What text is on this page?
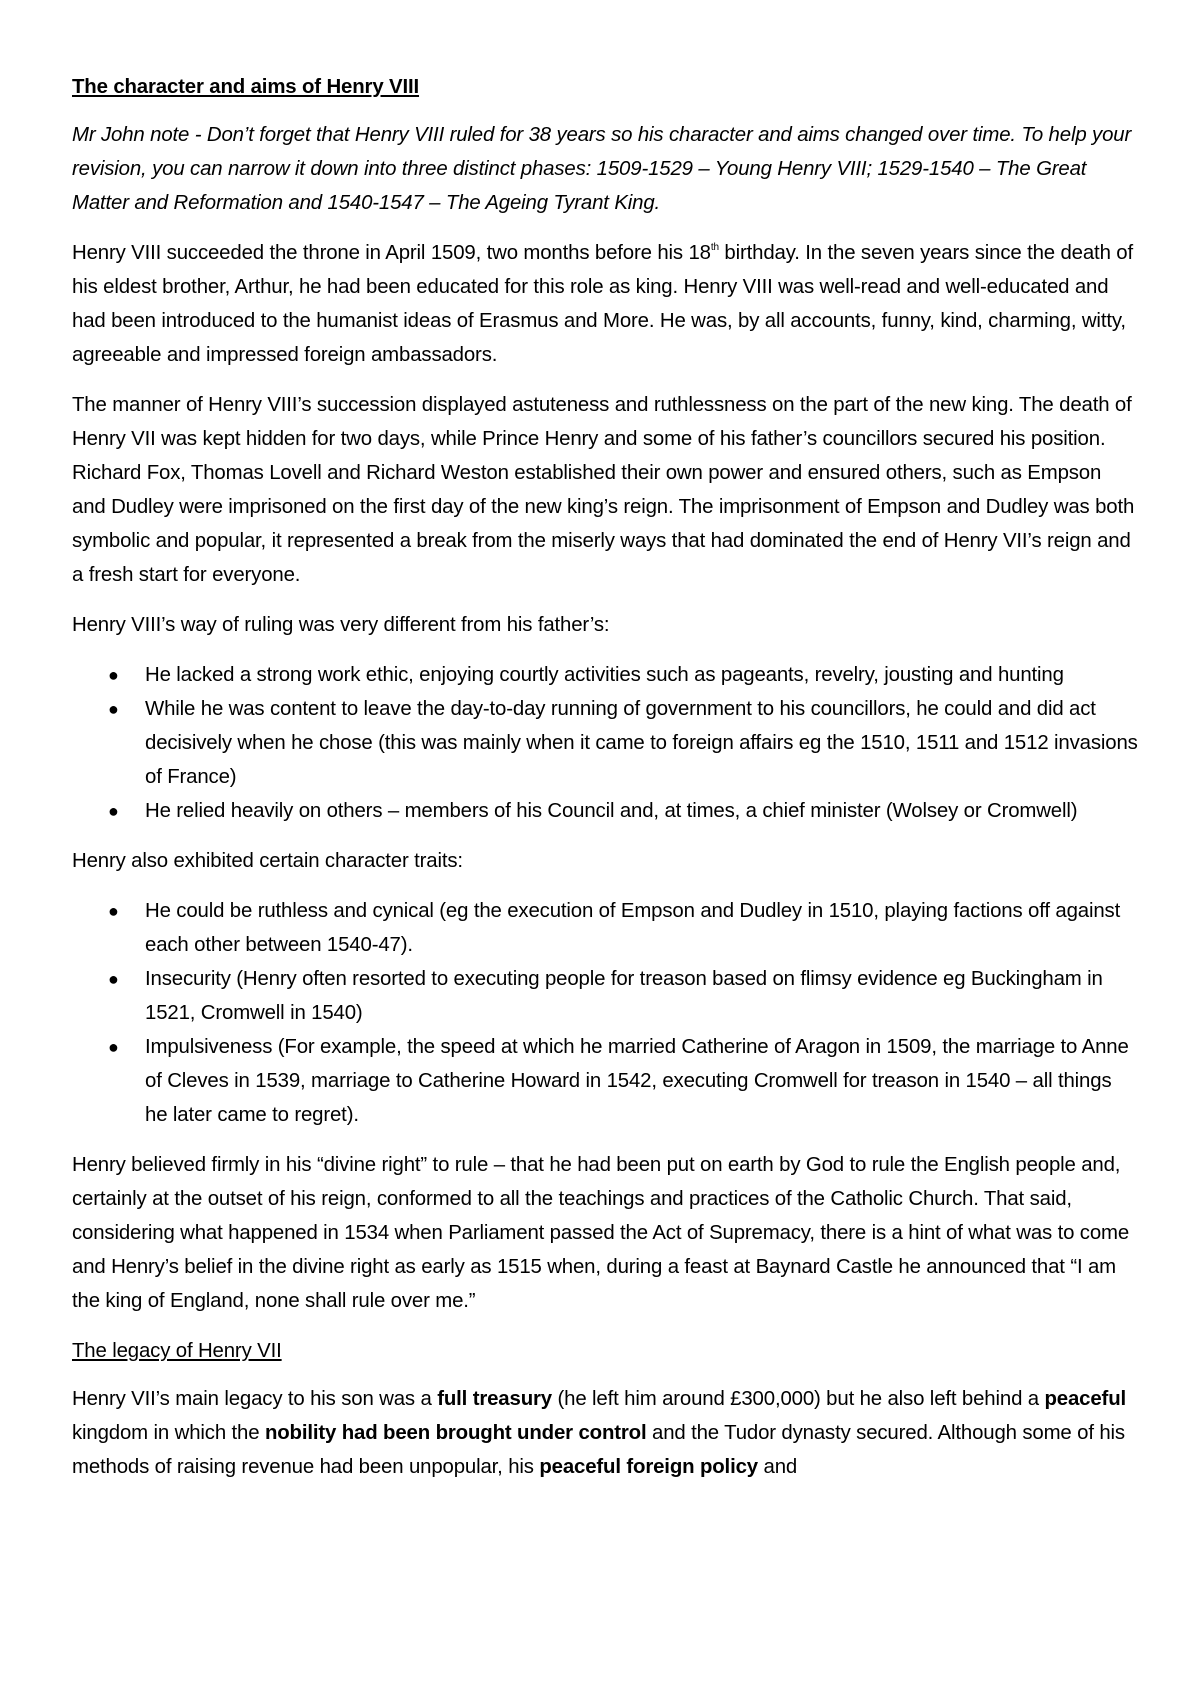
The character and aims of Henry VIII

Mr John note - Don’t forget that Henry VIII ruled for 38 years so his character and aims changed over time. To help your revision, you can narrow it down into three distinct phases: 1509-1529 – Young Henry VIII; 1529-1540 – The Great Matter and Reformation and 1540-1547 – The Ageing Tyrant King.

Henry VIII succeeded the throne in April 1509, two months before his 18th birthday. In the seven years since the death of his eldest brother, Arthur, he had been educated for this role as king. Henry VIII was well-read and well-educated and had been introduced to the humanist ideas of Erasmus and More. He was, by all accounts, funny, kind, charming, witty, agreeable and impressed foreign ambassadors.

The manner of Henry VIII’s succession displayed astuteness and ruthlessness on the part of the new king. The death of Henry VII was kept hidden for two days, while Prince Henry and some of his father’s councillors secured his position. Richard Fox, Thomas Lovell and Richard Weston established their own power and ensured others, such as Empson and Dudley were imprisoned on the first day of the new king’s reign. The imprisonment of Empson and Dudley was both symbolic and popular, it represented a break from the miserly ways that had dominated the end of Henry VII’s reign and a fresh start for everyone.

Henry VIII’s way of ruling was very different from his father’s:

● He lacked a strong work ethic, enjoying courtly activities such as pageants, revelry, jousting and hunting
● While he was content to leave the day-to-day running of government to his councillors, he could and did act decisively when he chose (this was mainly when it came to foreign affairs eg the 1510, 1511 and 1512 invasions of France)
● He relied heavily on others – members of his Council and, at times, a chief minister (Wolsey or Cromwell)

Henry also exhibited certain character traits:

● He could be ruthless and cynical (eg the execution of Empson and Dudley in 1510, playing factions off against each other between 1540-47).
● Insecurity (Henry often resorted to executing people for treason based on flimsy evidence eg Buckingham in 1521, Cromwell in 1540)
● Impulsiveness (For example, the speed at which he married Catherine of Aragon in 1509, the marriage to Anne of Cleves in 1539, marriage to Catherine Howard in 1542, executing Cromwell for treason in 1540 – all things he later came to regret).

Henry believed firmly in his “divine right” to rule – that he had been put on earth by God to rule the English people and, certainly at the outset of his reign, conformed to all the teachings and practices of the Catholic Church. That said, considering what happened in 1534 when Parliament passed the Act of Supremacy, there is a hint of what was to come and Henry’s belief in the divine right as early as 1515 when, during a feast at Baynard Castle he announced that “I am the king of England, none shall rule over me.”

The legacy of Henry VII

Henry VII’s main legacy to his son was a full treasury (he left him around £300,000) but he also left behind a peaceful kingdom in which the nobility had been brought under control and the Tudor dynasty secured. Although some of his methods of raising revenue had been unpopular, his peaceful foreign policy and
